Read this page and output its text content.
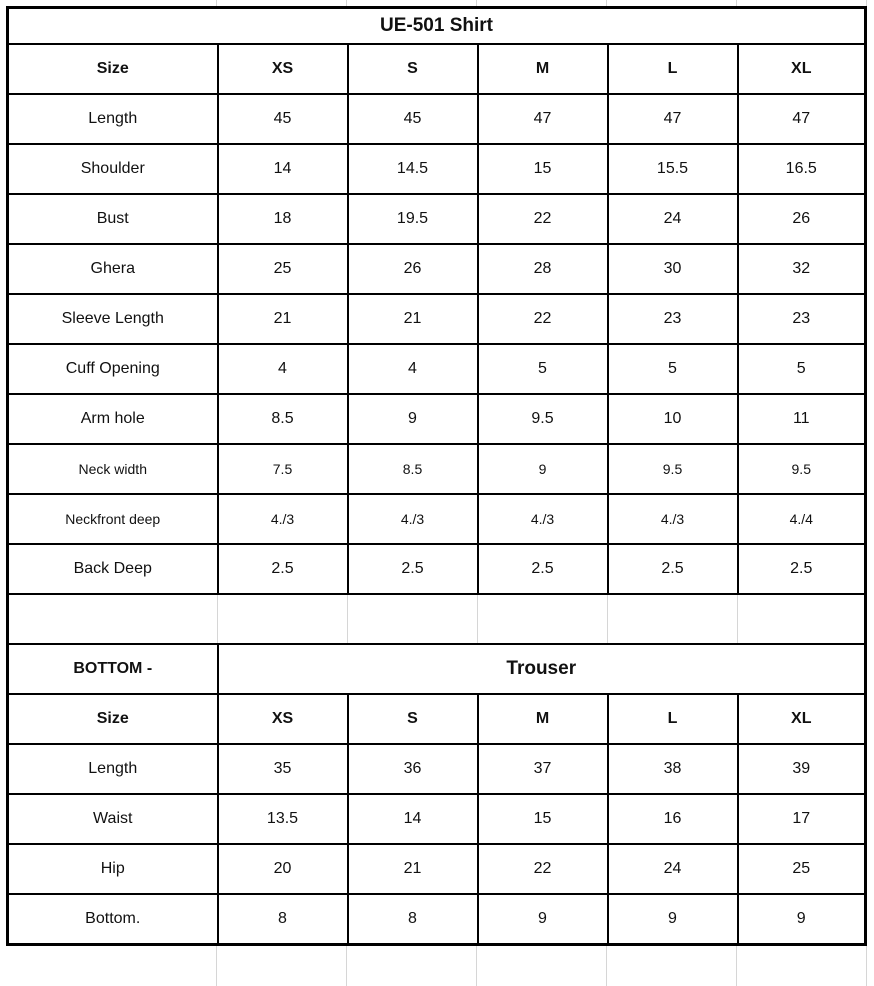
UE-501 Shirt					
Size	XS	S	M	L	XL
Length	45	45	47	47	47
Shoulder	14	14.5	15	15.5	16.5
Bust	18	19.5	22	24	26
Ghera	25	26	28	30	32
Sleeve Length	21	21	22	23	23
Cuff Opening	4	4	5	5	5
Arm hole	8.5	9	9.5	10	11
Neck width	7.5	8.5	9	9.5	9.5
Neckfront deep	4./3	4./3	4./3	4./3	4./4
Back Deep	2.5	2.5	2.5	2.5	2.5

BOTTOM -	Trouser				
Size	XS	S	M	L	XL
Length	35	36	37	38	39
Waist	13.5	14	15	16	17
Hip	20	21	22	24	25
Bottom.	8	8	9	9	9
